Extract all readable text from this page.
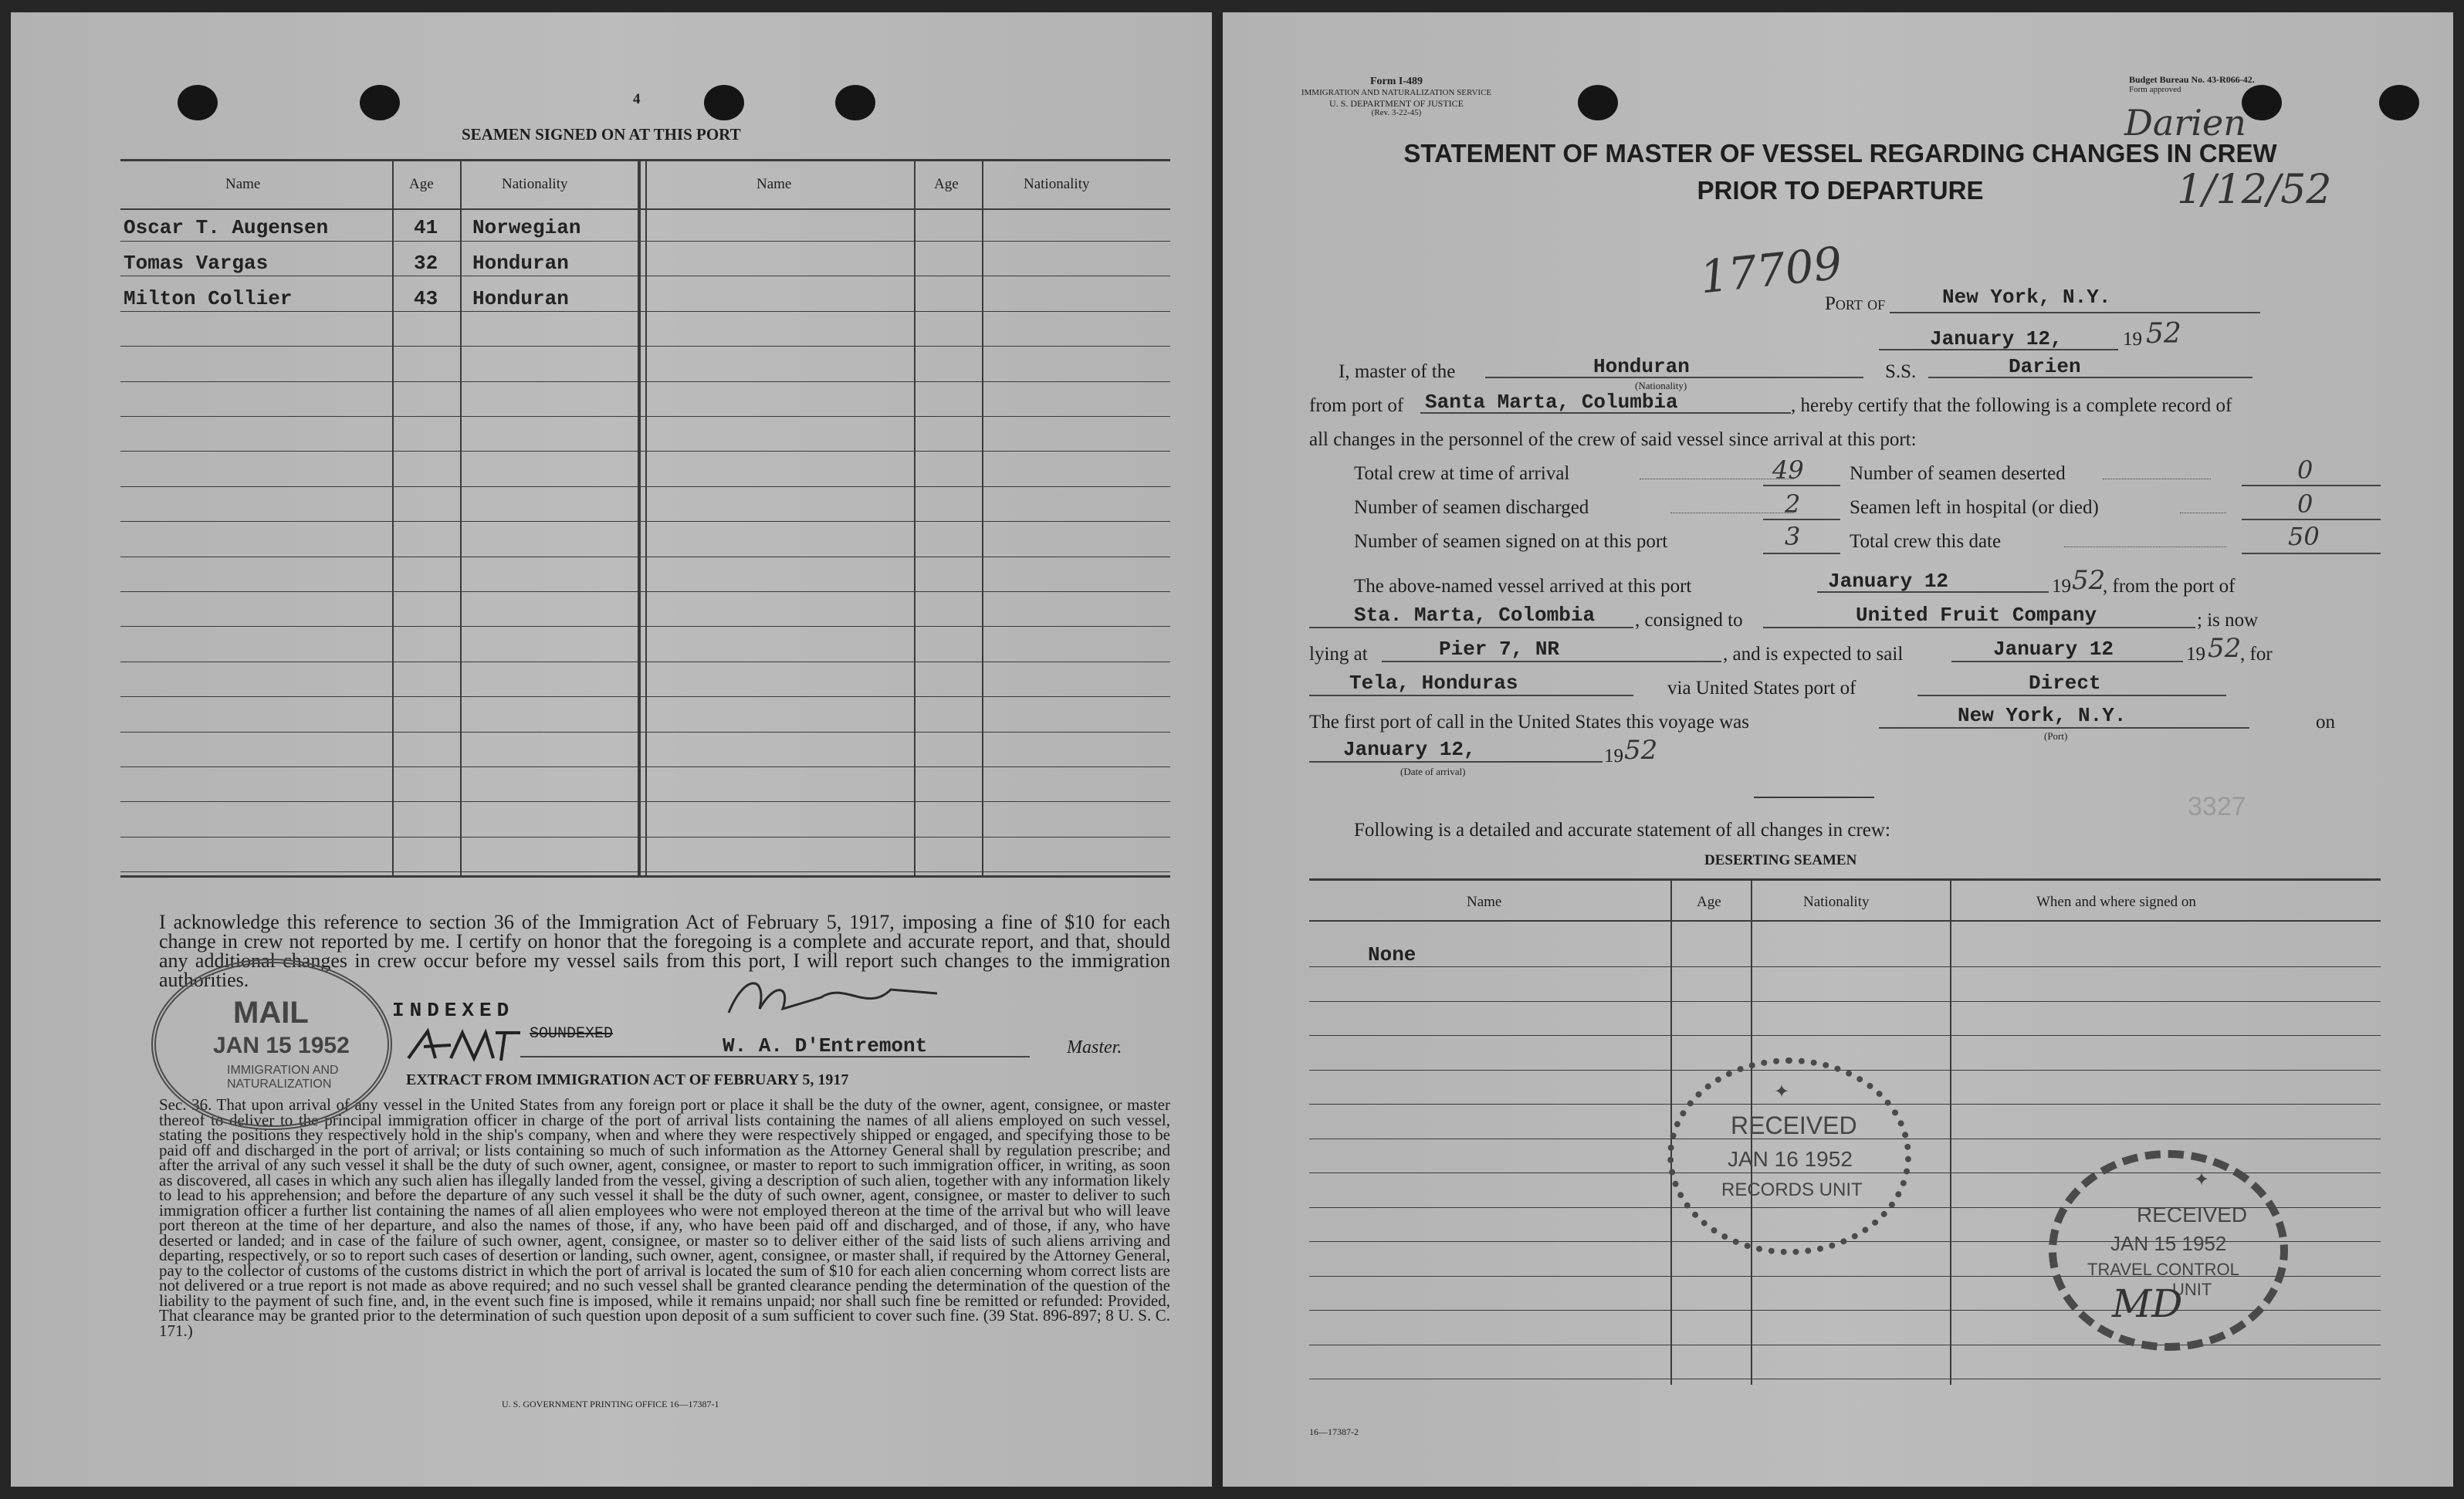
4
SEAMEN SIGNED ON AT THIS PORT
Name	Age	Nationality	Name	Age	Nationality
Oscar T. Augensen	41 Norwegian
Tomas Vargas	32 Honduran
Milton Collier	43 Honduran
I acknowledge this reference to section 36 of the Immigration Act of February 5, 1917, imposing a fine of $10 for each change in crew not reported by me. I certify on honor that the foregoing is a complete and accurate report, and that, should any additional changes in crew occur before my vessel sails from this port, I will report such changes to the immigration authorities.
INDEXED
SOUNDEXED
W. A. D'Entremont	Master.
EXTRACT FROM IMMIGRATION ACT OF FEBRUARY 5, 1917
Sec. 36. That upon arrival of any vessel in the United States from any foreign port or place it shall be the duty of the owner, agent, consignee, or master thereof to deliver to the principal immigration officer in charge of the port of arrival lists containing the names of all aliens employed on such vessel, stating the positions they respectively hold in the ship's company, when and where they were respectively shipped or engaged, and specifying those to be paid off and discharged in the port of arrival; or lists containing so much of such information as the Attorney General shall by regulation prescribe; and after the arrival of any such vessel it shall be the duty of such owner, agent, consignee, or master to report to such immigration officer, in writing, as soon as discovered, all cases in which any such alien has illegally landed from the vessel, giving a description of such alien, together with any information likely to lead to his apprehension; and before the departure of any such vessel it shall be the duty of such owner, agent, consignee, or master to deliver to such immigration officer a further list containing the names of all alien employees who were not employed thereon at the time of the arrival but who will leave port thereon at the time of her departure, and also the names of those, if any, who have been paid off and discharged, and of those, if any, who have deserted or landed; and in case of the failure of such owner, agent, consignee, or master so to deliver either of the said lists of such aliens arriving and departing, respectively, or so to report such cases of desertion or landing, such owner, agent, consignee, or master shall, if required by the Attorney General, pay to the collector of customs of the customs district in which the port of arrival is located the sum of $10 for each alien concerning whom correct lists are not delivered or a true report is not made as above required; and no such vessel shall be granted clearance pending the determination of the question of the liability to the payment of such fine, and, in the event such fine is imposed, while it remains unpaid; nor shall such fine be remitted or refunded: Provided, That clearance may be granted prior to the determination of such question upon deposit of a sum sufficient to cover such fine. (39 Stat. 896-897; 8 U. S. C. 171.)
U. S. GOVERNMENT PRINTING OFFICE 16—17387-1
MAIL
JAN 15 1952
IMMIGRATION AND
NATURALIZATION
Form I-489
IMMIGRATION AND NATURALIZATION SERVICE
U. S. DEPARTMENT OF JUSTICE
(Rev. 3-22-45)
Budget Bureau No. 43-R066-42.
Form approved
Darien
1/12/52
STATEMENT OF MASTER OF VESSEL REGARDING CHANGES IN CREW
PRIOR TO DEPARTURE
17709
Port of	New York, N.Y.
January 12,	19 52
I, master of the	Honduran
(Nationality)
S.S.	Darien
from port of Santa Marta, Columbia	, hereby certify that the following is a complete record of
all changes in the personnel of the crew of said vessel since arrival at this port:
Total crew at time of arrival	49
Number of seamen discharged	2
Number of seamen signed on at this port	3
Number of seamen deserted	0
Seamen left in hospital (or died)	0
Total crew this date	50
The above-named vessel arrived at this port	January 12	19 52
, from the port of
Sta. Marta, Colombia , consigned to	United Fruit Company	; is now
lying at	Pier 7, NR	, and is expected to sail	January 12	19 52
, for
Tela, Honduras	via United States port of	Direct
The first port of call in the United States this voyage was	New York, N.Y.
(Port)
on
January 12,	19 52
(Date of arrival)
3327
Following is a detailed and accurate statement of all changes in crew:
DESERTING SEAMEN
Name	Age	Nationality	When and where signed on
None
16—17387-2
✦
RECEIVED
JAN 16 1952
RECORDS UNIT	✦
RECEIVED
JAN 15 1952
TRAVEL CONTROL
UNIT
MD
